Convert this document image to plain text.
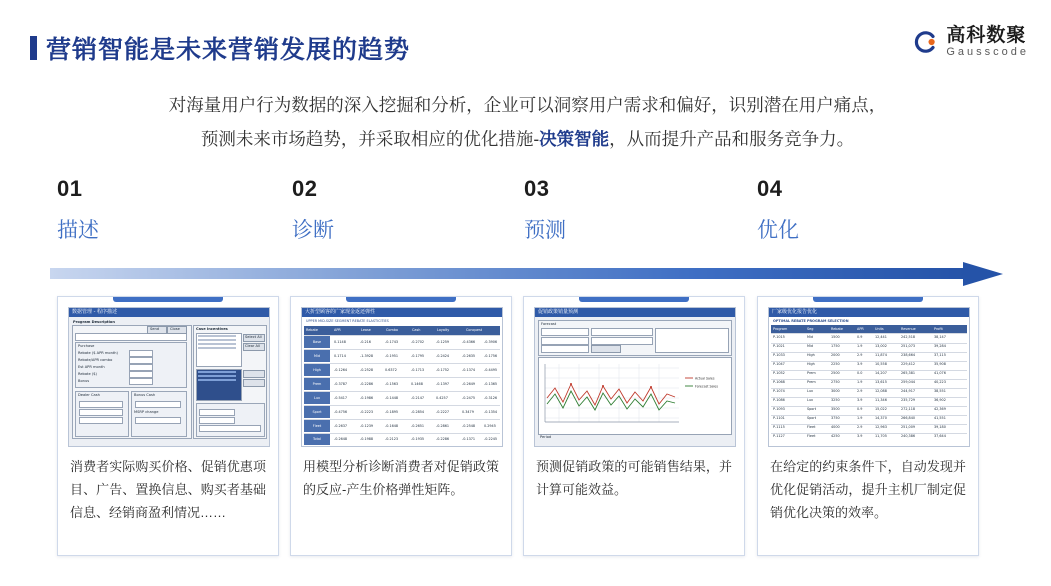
营销智能是未来营销发展的趋势
高科数聚
Gausscode
对海量用户行为数据的深入挖掘和分析，企业可以洞察用户需求和偏好，识别潜在用户痛点，
预测未来市场趋势，并采取相应的优化措施-决策智能，从而提升产品和服务竞争力。
01
描述
02
诊断
03
预测
04
优化
数据管理 - 程序描述
Program Description
Case Incentives
Purchase
Rebate ($ APR month)
Rebate/APR combo
Est APR month
Rebate ($)
Bonus
Dealer Cash	Bonus Cash
MSRP change
Send	Close
Select All
Clear All
消费者实际购买价格、促销优惠项目、广告、置换信息、购买者基础信息、经销商盈利情况……
大折型顾客的广家现金返还弹性
UPPER MID-SIZE SEGMENT REBATE ELASTICITIES
Rebate	APR	Lease	Combo	Cash	Loyalty	Conquest
Base	0.1148	-0.216	-0.1743	-0.2702	-0.1259	-0.4366	-0.3906
Mid	0.1714	-1.3928	-0.1951	-0.1795	-0.2424	-0.2635	-0.1756
High	-0.1264	-0.2528	0.6372	-0.1713	-0.1752	-0.1374	-0.4495
Prem	-0.3787	-0.2286	-0.1563	0.1468	-0.1397	-0.2649	-0.1365
Lux	-0.5417	-0.1986	-0.1448	-0.2147	0.4257	-0.2475	-0.3126
Sport	-0.4756	-0.2223	-0.1895	-0.2854	-0.2227	0.3479	-0.1354
Fleet	-0.2637	-0.1239	-0.1648	-0.2651	-0.2861	-0.2548	0.2945
Total	-0.2648	-0.1988	-0.2123	-0.1935	-0.2286	-0.1371	-0.2245
用模型分析诊断消费者对促销政策的反应-产生价格弹性矩阵。
促销政策销量预测
Forecast
Actual Sales
Forecast Sales
Period
预测促销政策的可能销售结果，并计算可能效益。
厂家级优化报告优化
OPTIMAL REBATE PROGRAM SELECTION
Program	Seg	Rebate	APR	Units	Revenue	Profit
P-1015	Mid	1500	0.9	12,441	242,518	38,147
P-1021	Mid	1750	1.9	13,002	251,073	39,284
P-1033	High	2000	2.9	11,874	238,664	37,115
P-1047	High	2250	3.9	10,558	229,412	35,908
P-1052	Prem	2500	0.0	14,207	265,381	41,076
P-1068	Prem	2750	1.9	13,615	259,044	40,223
P-1074	Lux	3000	2.9	12,088	244,917	38,551
P-1086	Lux	3250	3.9	11,346	235,729	36,902
P-1093	Sport	3500	0.9	15,022	272,118	42,369
P-1101	Sport	3750	1.9	14,370	266,840	41,551
P-1115	Fleet	4000	2.9	12,963	251,009	39,180
P-1127	Fleet	4250	3.9	11,705	240,386	37,644
在给定的约束条件下，自动发现并优化促销活动，提升主机厂制定促销优化决策的效率。
